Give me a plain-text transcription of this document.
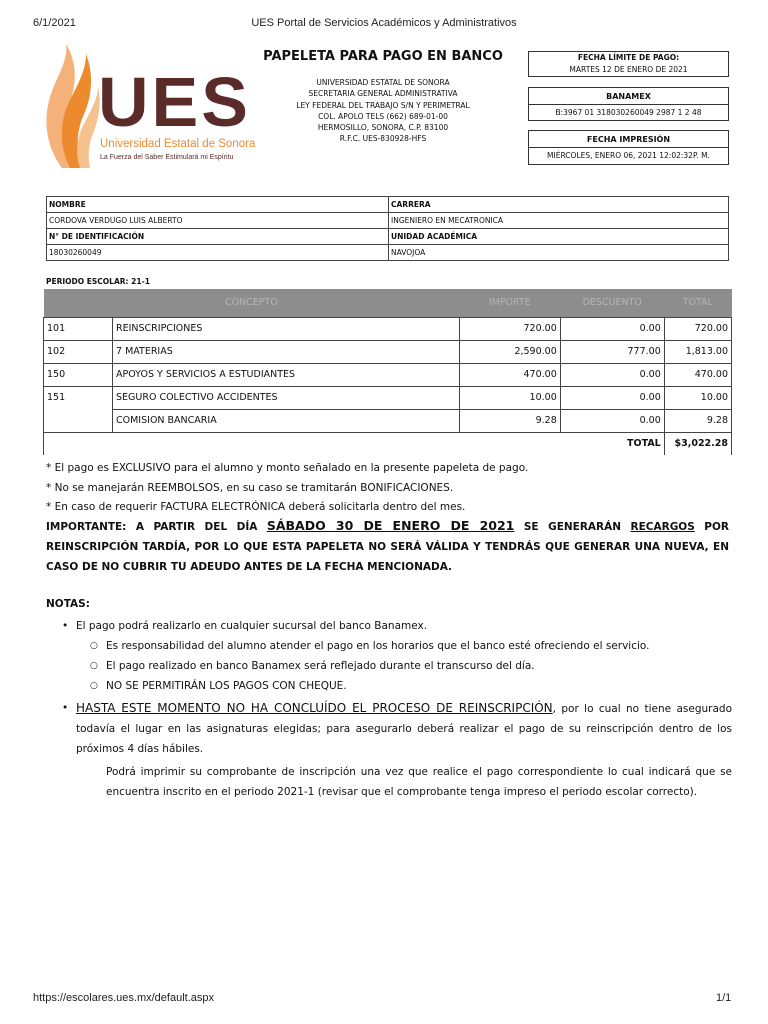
6/1/2021	UES Portal de Servicios Académicos y Administrativos
UES
Universidad Estatal de Sonora
La Fuerza del Saber Estimulará mi Espíritu
PAPELETA PARA PAGO EN BANCO
UNIVERSIDAD ESTATAL DE SONORA
SECRETARIA GENERAL ADMINISTRATIVA
LEY FEDERAL DEL TRABAJO S/N Y PERIMETRAL
COL. APOLO TELS (662) 689-01-00
HERMOSILLO, SONORA, C.P. 83100
R.F.C. UES-830928-HFS
FECHA LÍMITE DE PAGO:
MARTES 12 DE ENERO DE 2021
BANAMEX
B:3967 01 318030260049 2987 1 2 48
FECHA IMPRESIÓN
MIÉRCOLES, ENERO 06, 2021 12:02:32P. M.
NOMBRE	CARRERA
CORDOVA VERDUGO LUIS ALBERTO	INGENIERO EN MECATRONICA
N° DE IDENTIFICACIÓN	UNIDAD ACADÉMICA
18030260049	NAVOJOA
PERIODO ESCOLAR: 21-1
CONCEPTO		IMPORTE	DESCUENTO	TOTAL
101	REINSCRIPCIONES	720.00	0.00	720.00
102	7 MATERIAS	2,590.00	777.00	1,813.00
150	APOYOS Y SERVICIOS A ESTUDIANTES	470.00	0.00	470.00
151	SEGURO COLECTIVO ACCIDENTES	10.00	0.00	10.00
	COMISION BANCARIA	9.28	0.00	9.28
TOTAL				$3,022.28
* El pago es EXCLUSIVO para el alumno y monto señalado en la presente papeleta de pago.
* No se manejarán REEMBOLSOS, en su caso se tramitarán BONIFICACIONES.
* En caso de requerir FACTURA ELECTRÓNICA deberá solicitarla dentro del mes.
IMPORTANTE: A PARTIR DEL DÍA SÁBADO 30 DE ENERO DE 2021 SE GENERARÁN RECARGOS POR REINSCRIPCIÓN TARDÍA, POR LO QUE ESTA PAPELETA NO SERÁ VÁLIDA Y TENDRÁS QUE GENERAR UNA NUEVA, EN CASO DE NO CUBRIR TU ADEUDO ANTES DE LA FECHA MENCIONADA.
NOTAS:
• El pago podrá realizarlo en cualquier sucursal del banco Banamex.
○ Es responsabilidad del alumno atender el pago en los horarios que el banco esté ofreciendo el servicio.
○ El pago realizado en banco Banamex será reflejado durante el transcurso del día.
○ NO SE PERMITIRÁN LOS PAGOS CON CHEQUE.
• HASTA ESTE MOMENTO NO HA CONCLUÍDO EL PROCESO DE REINSCRIPCIÓN, por lo cual no tiene asegurado todavía el lugar en las asignaturas elegidas; para asegurarlo deberá realizar el pago de su reinscripción dentro de los próximos 4 días hábiles.
Podrá imprimir su comprobante de inscripción una vez que realice el pago correspondiente lo cual indicará que se encuentra inscrito en el periodo 2021-1 (revisar que el comprobante tenga impreso el periodo escolar correcto).
https://escolares.ues.mx/default.aspx	1/1
